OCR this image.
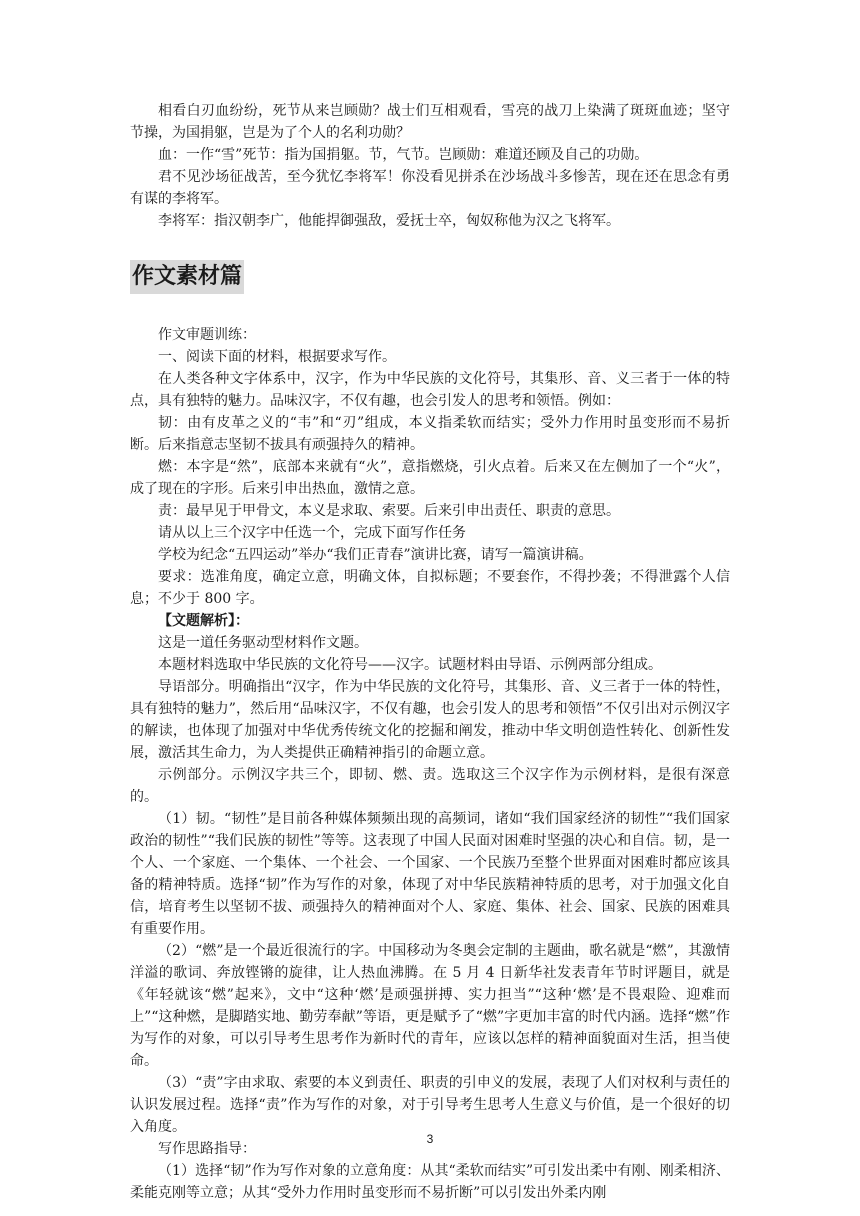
相看白刃血纷纷，死节从来岂顾勋？战士们互相观看，雪亮的战刀上染满了斑斑血迹；坚守节操，为国捐躯，岂是为了个人的名利功勋？

血：一作“雪”死节：指为国捐躯。节，气节。岂顾勋：难道还顾及自己的功勋。

君不见沙场征战苦，至今犹忆李将军！你没看见拼杀在沙场战斗多惨苦，现在还在思念有勇有谋的李将军。

李将军：指汉朝李广，他能捍御强敌，爱抚士卒，匈奴称他为汉之飞将军。

作文素材篇

作文审题训练：

一、阅读下面的材料，根据要求写作。

在人类各种文字体系中，汉字，作为中华民族的文化符号，其集形、音、义三者于一体的特点，具有独特的魅力。品味汉字，不仅有趣，也会引发人的思考和领悟。例如：

韧：由有皮革之义的“韦”和“刃”组成，本义指柔软而结实；受外力作用时虽变形而不易折断。后来指意志坚韧不拔具有顽强持久的精神。

燃：本字是“然”，底部本来就有“火”，意指燃烧，引火点着。后来又在左侧加了一个“火”，成了现在的字形。后来引申出热血，激情之意。

责：最早见于甲骨文，本义是求取、索要。后来引申出责任、职责的意思。

请从以上三个汉字中任选一个，完成下面写作任务

学校为纪念“五四运动”举办“我们正青春”演讲比赛，请写一篇演讲稿。

要求：选准角度，确定立意，明确文体，自拟标题；不要套作，不得抄袭；不得泄露个人信息；不少于 800 字。

【文题解析】：

这是一道任务驱动型材料作文题。

本题材料选取中华民族的文化符号——汉字。试题材料由导语、示例两部分组成。

导语部分。明确指出“汉字，作为中华民族的文化符号，其集形、音、义三者于一体的特性，具有独特的魅力”，然后用“品味汉字，不仅有趣，也会引发人的思考和领悟”不仅引出对示例汉字的解读，也体现了加强对中华优秀传统文化的挖掘和阐发，推动中华文明创造性转化、创新性发展，激活其生命力，为人类提供正确精神指引的命题立意。

示例部分。示例汉字共三个，即韧、燃、责。选取这三个汉字作为示例材料，是很有深意的。

（1）韧。“韧性”是目前各种媒体频频出现的高频词，诸如“我们国家经济的韧性”“我们国家政治的韧性”“我们民族的韧性”等等。这表现了中国人民面对困难时坚强的决心和自信。韧，是一个人、一个家庭、一个集体、一个社会、一个国家、一个民族乃至整个世界面对困难时都应该具备的精神特质。选择“韧”作为写作的对象，体现了对中华民族精神特质的思考，对于加强文化自信，培育考生以坚韧不拔、顽强持久的精神面对个人、家庭、集体、社会、国家、民族的困难具有重要作用。

（2）“燃”是一个最近很流行的字。中国移动为冬奥会定制的主题曲，歌名就是“燃”，其激情洋溢的歌词、奔放铿锵的旋律，让人热血沸腾。在 5 月 4 日新华社发表青年节时评题目，就是《年轻就该“燃”起来》，文中“这种‘燃’是顽强拼搏、实力担当”“这种‘燃’是不畏艰险、迎难而上”“这种燃，是脚踏实地、勤劳奉献”等语，更是赋予了“燃”字更加丰富的时代内涵。选择“燃”作为写作的对象，可以引导考生思考作为新时代的青年，应该以怎样的精神面貌面对生活，担当使命。

（3）“责”字由求取、索要的本义到责任、职责的引申义的发展，表现了人们对权利与责任的认识发展过程。选择“责”作为写作的对象，对于引导考生思考人生意义与价值，是一个很好的切入角度。

写作思路指导：

（1）选择“韧”作为写作对象的立意角度：从其“柔软而结实”可引发出柔中有刚、刚柔相济、柔能克刚等立意；从其“受外力作用时虽变形而不易折断”可以引发出外柔内刚

3
